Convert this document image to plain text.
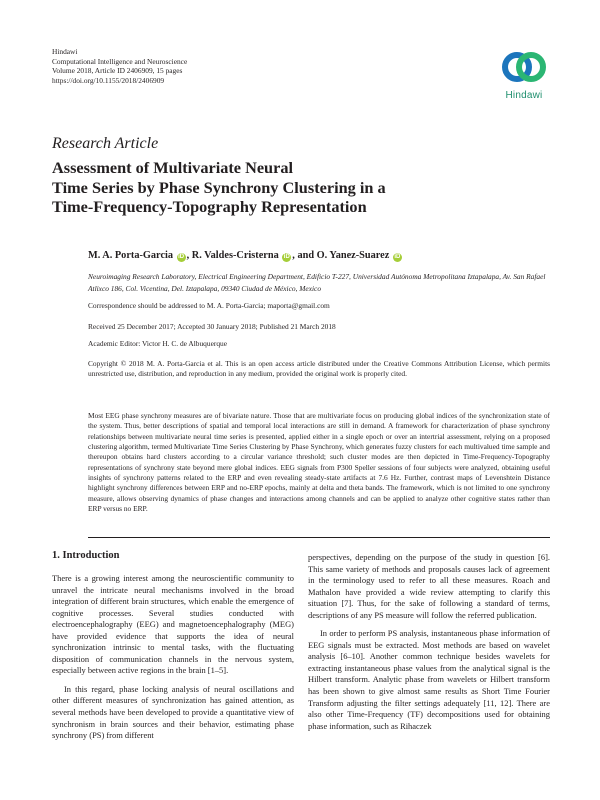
Hindawi
Computational Intelligence and Neuroscience
Volume 2018, Article ID 2406909, 15 pages
https://doi.org/10.1155/2018/2406909
Hindawi
Research Article
Assessment of Multivariate Neural
Time Series by Phase Synchrony Clustering in a
Time-Frequency-Topography Representation
M. A. Porta-Garcia iD , R. Valdes-Cristerna iD , and O. Yanez-Suarez iD
Neuroimaging Research Laboratory, Electrical Engineering Department, Edificio T-227, Universidad Autónoma Metropolitana Iztapalapa, Av. San Rafael Atlixco 186, Col. Vicentina, Del. Iztapalapa, 09340 Ciudad de México, Mexico
Correspondence should be addressed to M. A. Porta-Garcia; maporta@gmail.com
Received 25 December 2017; Accepted 30 January 2018; Published 21 March 2018
Academic Editor: Victor H. C. de Albuquerque
Copyright © 2018 M. A. Porta-Garcia et al. This is an open access article distributed under the Creative Commons Attribution License, which permits unrestricted use, distribution, and reproduction in any medium, provided the original work is properly cited.
Most EEG phase synchrony measures are of bivariate nature. Those that are multivariate focus on producing global indices of the synchronization state of the system. Thus, better descriptions of spatial and temporal local interactions are still in demand. A framework for characterization of phase synchrony relationships between multivariate neural time series is presented, applied either in a single epoch or over an intertrial assessment, relying on a proposed clustering algorithm, termed Multivariate Time Series Clustering by Phase Synchrony, which generates fuzzy clusters for each multivalued time sample and thereupon obtains hard clusters according to a circular variance threshold; such cluster modes are then depicted in Time-Frequency-Topography representations of synchrony state beyond mere global indices. EEG signals from P300 Speller sessions of four subjects were analyzed, obtaining useful insights of synchrony patterns related to the ERP and even revealing steady-state artifacts at 7.6 Hz. Further, contrast maps of Levenshtein Distance highlight synchrony differences between ERP and no-ERP epochs, mainly at delta and theta bands. The framework, which is not limited to one synchrony measure, allows observing dynamics of phase changes and interactions among channels and can be applied to analyze other cognitive states rather than ERP versus no ERP.
1. Introduction

There is a growing interest among the neuroscientific community to unravel the intricate neural mechanisms involved in the broad integration of different brain structures, which enable the emergence of cognitive processes. Several studies conducted with electroencephalography (EEG) and magnetoencephalography (MEG) have provided evidence that supports the idea of neural synchronization intrinsic to mental tasks, with the fluctuating disposition of communication channels in the nervous system, especially between active regions in the brain [1–5].

In this regard, phase locking analysis of neural oscillations and other different measures of synchronization has gained attention, as several methods have been developed to provide a quantitative view of synchronism in brain sources and their behavior, estimating phase synchrony (PS) from different

perspectives, depending on the purpose of the study in question [6]. This same variety of methods and proposals causes lack of agreement in the terminology used to refer to all these measures. Roach and Mathalon have provided a wide review attempting to clarify this situation [7]. Thus, for the sake of following a standard of terms, descriptions of any PS measure will follow the referred publication.

In order to perform PS analysis, instantaneous phase information of EEG signals must be extracted. Most methods are based on wavelet analysis [6–10]. Another common technique besides wavelets for extracting instantaneous phase values from the analytical signal is the Hilbert transform. Analytic phase from wavelets or Hilbert transform has been shown to give almost same results as Short Time Fourier Transform adjusting the filter settings adequately [11, 12]. There are also other Time-Frequency (TF) decompositions used for obtaining phase information, such as Rihaczek
